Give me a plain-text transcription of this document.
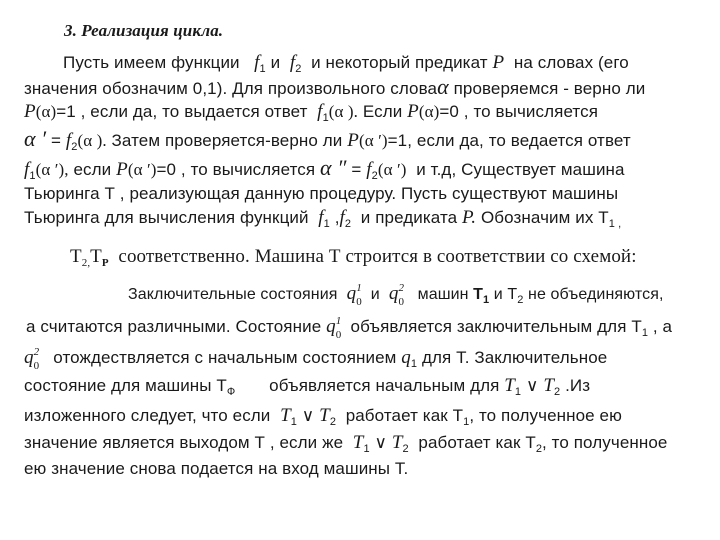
3. Реализация цикла.
Пусть имеем функции $f_1$ и $f_2$ и некоторый предикат P на словах (его
значения обозначим 0,1). Для произвольного словаα проверяемся - верно ли
P(α)=1 , если да, то выдается ответ $f_1(\alpha$ ). Если P(α)=0 , то вычисляется
α ′ = $f_2(\alpha$ ). Затем проверяется-верно ли P(α ′)=1, если да, то ведается ответ
$f_1(\alpha$ ′), если P(α ′)=0 , то вычисляется α ″ = $f_2(\alpha$ ′) и т.д, Существует машина
Тьюринга Т , реализующая данную процедуру. Пусть существуют машины
Тьюринга для вычисления функций $f_1$ $,f_2$ и предиката P. Обозначим их $Т_{1 ,}$
$Т_{2,}Т_Р$ соответственно. Машина Т строится в соответствии со схемой:
Заключительные состояния q 1
0 и q 2
0 машин $Т_1$ и $Т_2$ не объединяются,
а считаются различными. Состояние q 1
0 объявляется заключительным для $Т_1$ , а
q 2
0 отождествляется с начальным состоянием $q_1$ для Т. Заключительное
состояние для машины $Т_Ф$ объявляется начальным для $T_1$ ∨ $T_2$ .Из
изложенного следует, что если $T_1$ ∨ $T_2$ работает как $Т_1$, то полученное ею
значение является выходом Т , если же $T_1$ ∨ $T_2$ работает как $Т_2$, то полученное
ею значение снова подается на вход машины Т.
